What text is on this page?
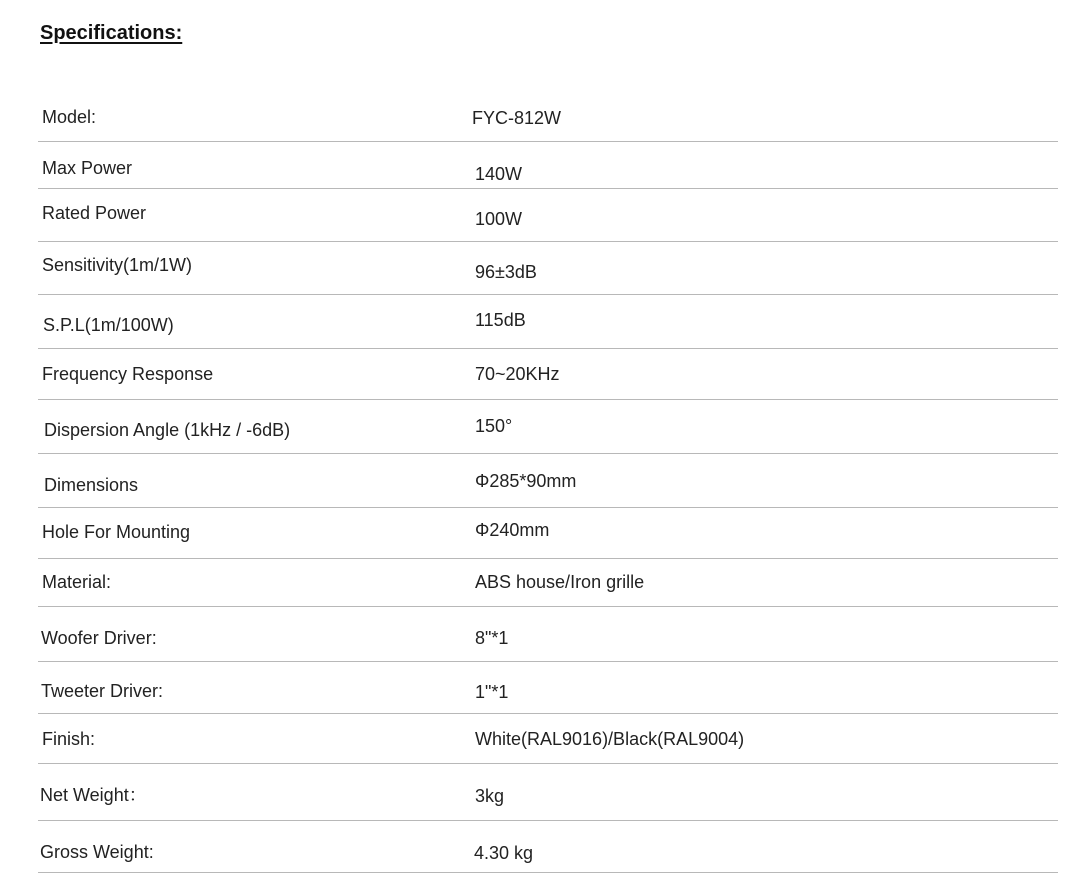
Specifications:
Model:	FYC-812W
Max Power	140W
Rated Power	100W
Sensitivity(1m/1W)	96±3dB
S.P.L(1m/100W)	115dB
Frequency Response	70~20KHz
Dispersion Angle (1kHz / -6dB)	150°
Dimensions	Φ285*90mm
Hole For Mounting	Φ240mm
Material:	ABS house/Iron grille
Woofer Driver:	8"*1
Tweeter Driver:	1"*1
Finish:	White(RAL9016)/Black(RAL9004)
Net Weight：	3kg
Gross Weight:	4.30 kg
